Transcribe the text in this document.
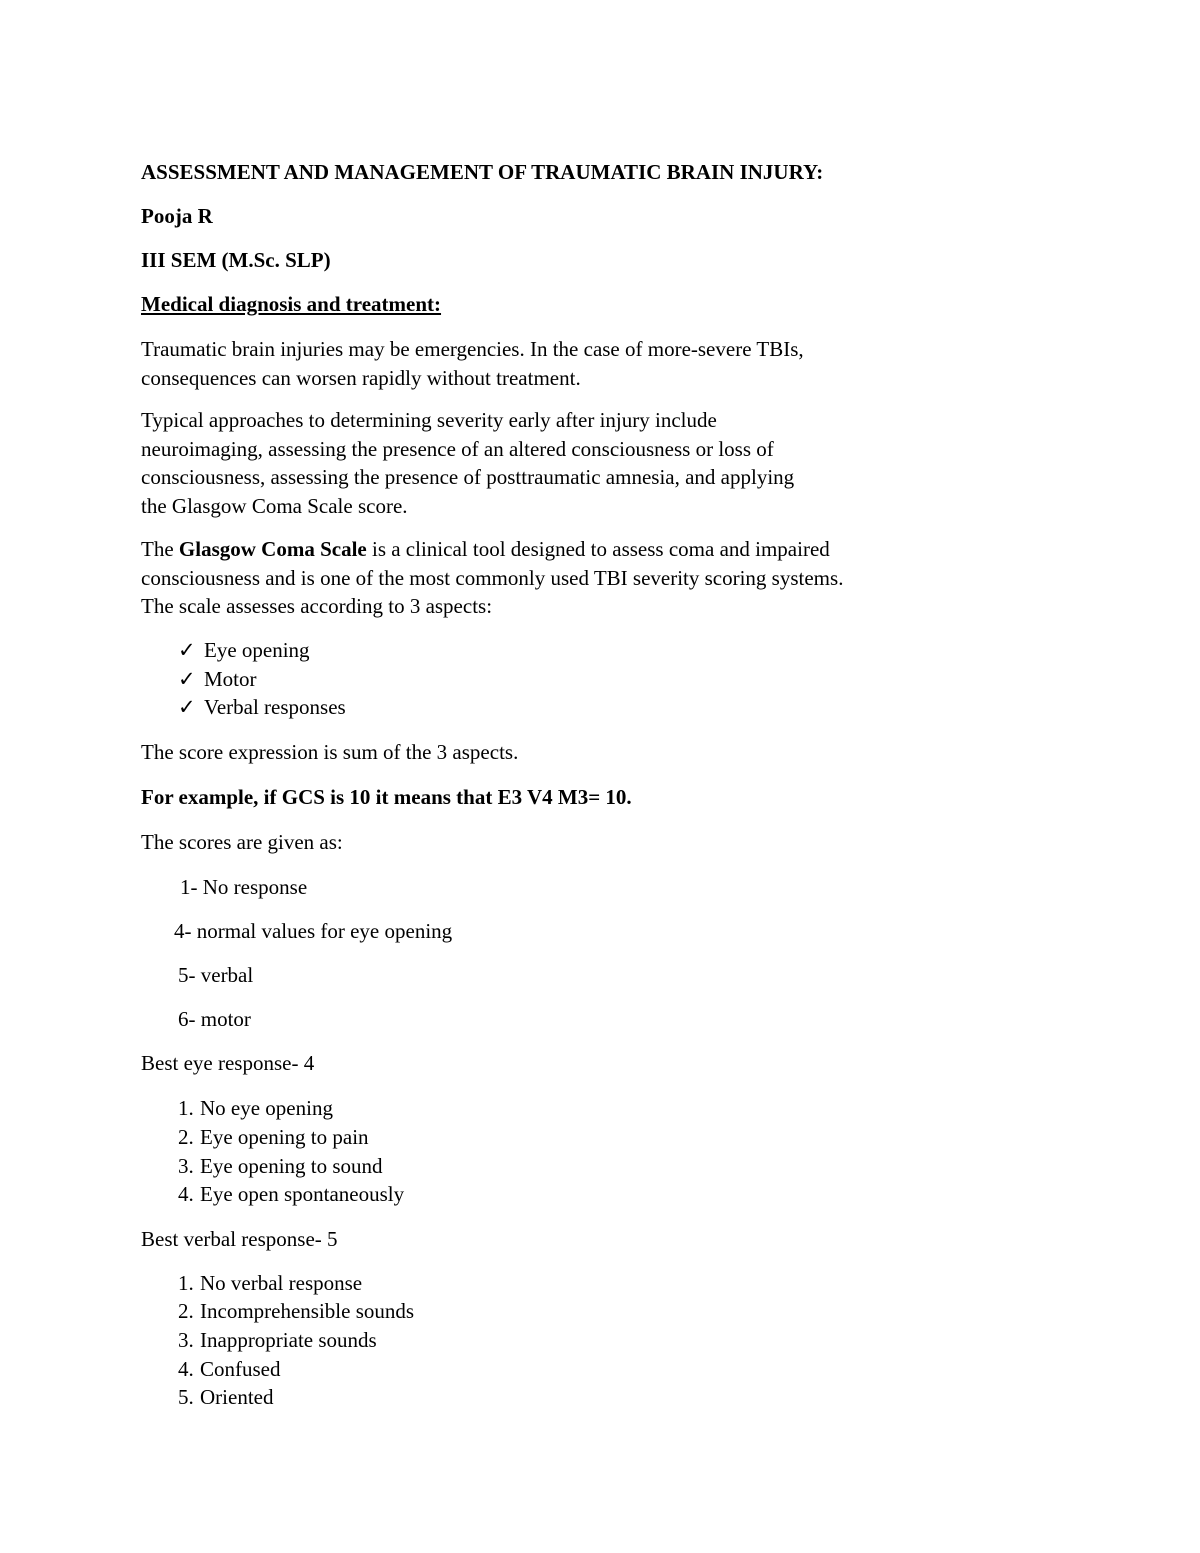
ASSESSMENT AND MANAGEMENT OF TRAUMATIC BRAIN INJURY:

Pooja R

III SEM (M.Sc. SLP)

Medical diagnosis and treatment:

Traumatic brain injuries may be emergencies. In the case of more-severe TBIs,

consequences can worsen rapidly without treatment.

Typical approaches to determining severity early after injury include

neuroimaging, assessing the presence of an altered consciousness or loss of

consciousness, assessing the presence of posttraumatic amnesia, and applying

the Glasgow Coma Scale score.

The Glasgow Coma Scale is a clinical tool designed to assess coma and impaired

consciousness and is one of the most commonly used TBI severity scoring systems.

The scale assesses according to 3 aspects:

✓ Eye opening

✓ Motor

✓ Verbal responses

The score expression is sum of the 3 aspects.

For example, if GCS is 10 it means that E3 V4 M3= 10.

The scores are given as:

1- No response

4- normal values for eye opening

5- verbal

6- motor

Best eye response- 4

1. No eye opening

2. Eye opening to pain

3. Eye opening to sound

4. Eye open spontaneously

Best verbal response- 5

1. No verbal response

2. Incomprehensible sounds

3. Inappropriate sounds

4. Confused

5. Oriented
